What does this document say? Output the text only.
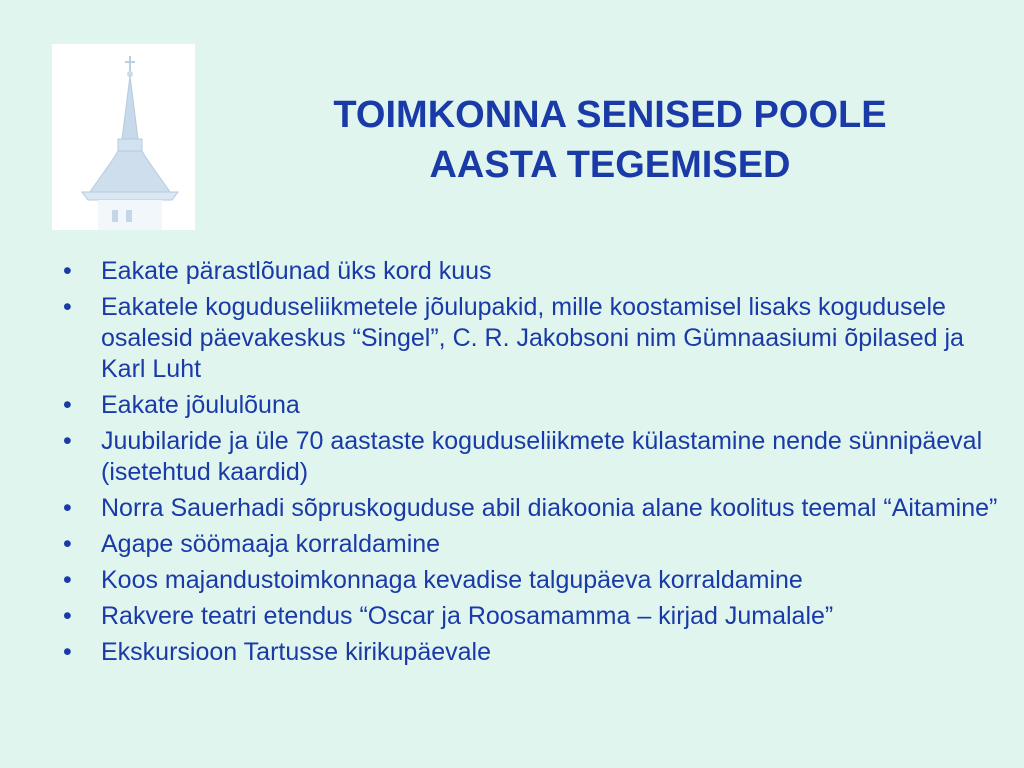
TOIMKONNA SENISED POOLE
AASTA TEGEMISED
• Eakate pärastlõunad üks kord kuus
• Eakatele koguduseliikmetele jõulupakid, mille koostamisel lisaks kogudusele osalesid päevakeskus “Singel”, C. R. Jakobsoni nim Gümnaasiumi õpilased ja Karl Luht
• Eakate jõululõuna
• Juubilaride ja üle 70 aastaste koguduseliikmete külastamine nende sünnipäeval (isetehtud kaardid)
• Norra Sauerhadi sõpruskoguduse abil diakoonia alane koolitus teemal “Aitamine”
• Agape söömaaja korraldamine
• Koos majandustoimkonnaga kevadise talgupäeva korraldamine
• Rakvere teatri etendus “Oscar ja Roosamamma – kirjad Jumalale”
• Ekskursioon Tartusse kirikupäevale
